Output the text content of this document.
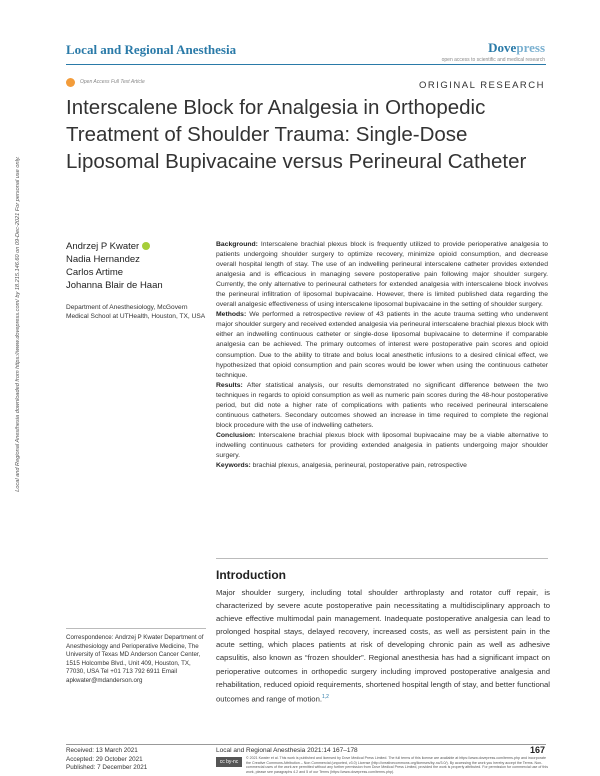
Local and Regional Anesthesia	Dovepress
open access to scientific and medical research
Open Access Full Text Article	ORIGINAL RESEARCH
Interscalene Block for Analgesia in Orthopedic Treatment of Shoulder Trauma: Single-Dose Liposomal Bupivacaine versus Perineural Catheter
Local and Regional Anesthesia downloaded from https://www.dovepress.com/ by 18.215.146.60 on 09-Dec-2021 For personal use only.	Andrzej P Kwater
Nadia Hernandez
Carlos Artime
Johanna Blair de Haan
Department of Anesthesiology, McGovern Medical School at UTHealth, Houston, TX, USA

Background: Interscalene brachial plexus block is frequently utilized to provide perioperative analgesia to patients undergoing shoulder surgery to optimize recovery, minimize opioid consumption, and decrease overall hospital length of stay. The use of an indwelling perineural interscalene catheter provides extended analgesia and is efficacious in managing severe postoperative pain following major shoulder surgery. Currently, the only alternative to perineural catheters for extended analgesia with interscalene block involves the perineural infiltration of liposomal bupivacaine. However, there is limited published data regarding the overall analgesic effectiveness of using interscalene liposomal bupivacaine in the setting of shoulder surgery.

Methods: We performed a retrospective review of 43 patients in the acute trauma setting who underwent major shoulder surgery and received extended analgesia via perineural interscalene brachial plexus block with either an indwelling continuous catheter or single-dose liposomal bupivacaine to determine if comparable analgesia can be achieved. The primary outcomes of interest were postoperative pain scores and opioid consumption. Due to the ability to titrate and bolus local anesthetic infusions to a desired clinical effect, we hypothesized that opioid consumption and pain scores would be lower when using the continuous catheter technique.

Results: After statistical analysis, our results demonstrated no significant difference between the two techniques in regards to opioid consumption as well as numeric pain scores during the 48-hour postoperative period, but did note a higher rate of complications with patients who received perineural interscalene continuous catheters. Secondary outcomes showed an increase in time required to complete the regional block procedure with the use of indwelling catheters.

Conclusion: Interscalene brachial plexus block with liposomal bupivacaine may be a viable alternative to indwelling continuous catheters for providing extended analgesia in patients undergoing major shoulder surgery.

Keywords: brachial plexus, analgesia, perineural, postoperative pain, retrospective

Introduction
Major shoulder surgery, including total shoulder arthroplasty and rotator cuff repair, is characterized by severe acute postoperative pain necessitating a multidisciplinary approach to achieve effective multimodal pain management. Inadequate postoperative analgesia can lead to prolonged hospital stays, delayed recovery, increased costs, as well as persistent pain in the acute setting, which places patients at risk of developing chronic pain as well as adhesive capsulitis, also known as “frozen shoulder”. Regional anesthesia has had a significant impact on perioperative outcomes in orthopedic surgery including improved postoperative analgesia and rehabilitation, reduced opioid requirements, shortened hospital length of stay, and better functional outcomes and range of motion.$^{1,2}$
Correspondence: Andrzej P Kwater Department of Anesthesiology and Perioperative Medicine, The University of Texas MD Anderson Cancer Center, 1515 Holcombe Blvd., Unit 409, Houston, TX, 77030, USA Tel +01 713 792 6911 Email apkwater@mdanderson.org
Received: 13 March 2021
Accepted: 29 October 2021
Published: 7 December 2021
Local and Regional Anesthesia 2021:14 167–178	167
cc by-nc
© 2021 Kwater et al. This work is published and licensed by Dove Medical Press Limited. The full terms of this license are available at https://www.dovepress.com/terms.php and incorporate the Creative Commons Attribution – Non Commercial (unported, v3.0) License (http://creativecommons.org/licenses/by-nc/3.0/). By accessing the work you hereby accept the Terms. Non-commercial uses of the work are permitted without any further permission from Dove Medical Press Limited, provided the work is properly attributed. For permission for commercial use of this work, please see paragraphs 4.2 and 5 of our Terms (https://www.dovepress.com/terms.php).
